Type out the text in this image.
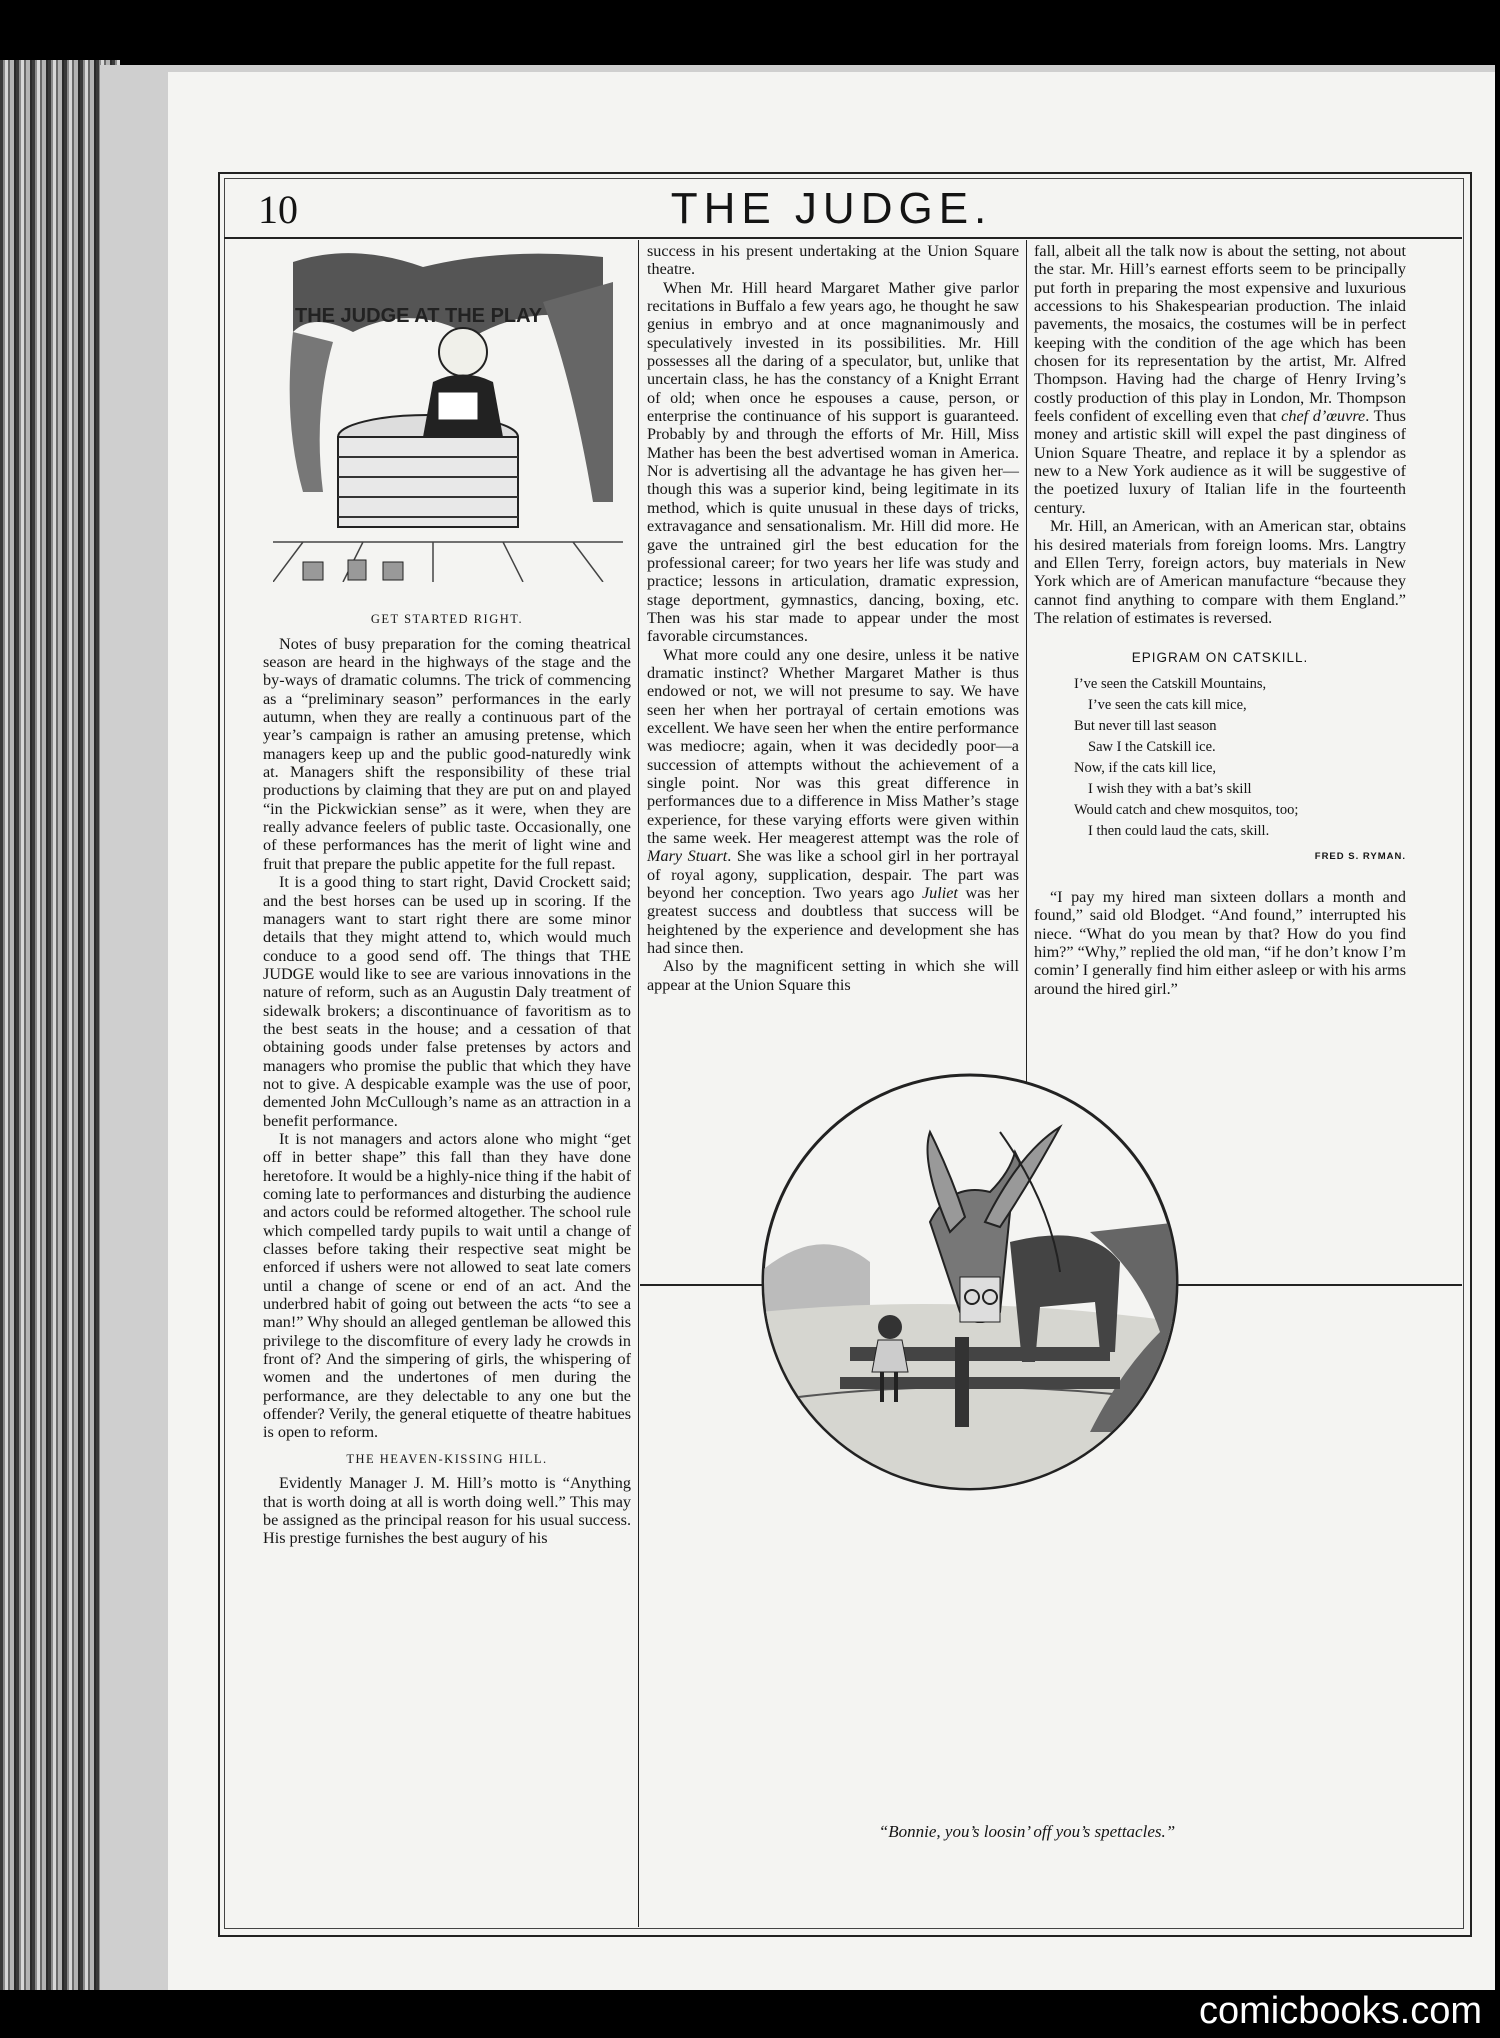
10	THE JUDGE.
THE JUDGE AT THE PLAY
GET STARTED RIGHT.

Notes of busy preparation for the coming theatrical season are heard in the highways of the stage and the by-ways of dramatic columns. The trick of commencing as a “preliminary season” performances in the early autumn, when they are really a continuous part of the year’s campaign is rather an amusing pretense, which managers keep up and the public good-naturedly wink at. Managers shift the responsibility of these trial productions by claiming that they are put on and played “in the Pickwickian sense” as it were, when they are really advance feelers of public taste. Occasionally, one of these performances has the merit of light wine and fruit that prepare the public appetite for the full repast.

It is a good thing to start right, David Crockett said; and the best horses can be used up in scoring. If the managers want to start right there are some minor details that they might attend to, which would much conduce to a good send off. The things that THE JUDGE would like to see are various innovations in the nature of reform, such as an Augustin Daly treatment of sidewalk brokers; a discontinuance of favoritism as to the best seats in the house; and a cessation of that obtaining goods under false pretenses by actors and managers who promise the public that which they have not to give. A despicable example was the use of poor, demented John McCullough’s name as an attraction in a benefit performance.

It is not managers and actors alone who might “get off in better shape” this fall than they have done heretofore. It would be a highly-nice thing if the habit of coming late to performances and disturbing the audience and actors could be reformed altogether. The school rule which compelled tardy pupils to wait until a change of classes before taking their respective seat might be enforced if ushers were not allowed to seat late comers until a change of scene or end of an act. And the underbred habit of going out between the acts “to see a man!” Why should an alleged gentleman be allowed this privilege to the discomfiture of every lady he crowds in front of? And the simpering of girls, the whispering of women and the undertones of men during the performance, are they delectable to any one but the offender? Verily, the general etiquette of theatre habitues is open to reform.

THE HEAVEN-KISSING HILL.

Evidently Manager J. M. Hill’s motto is “Anything that is worth doing at all is worth doing well.” This may be assigned as the principal reason for his usual success. His prestige furnishes the best augury of his

success in his present undertaking at the Union Square theatre.

When Mr. Hill heard Margaret Mather give parlor recitations in Buffalo a few years ago, he thought he saw genius in embryo and at once magnanimously and speculatively invested in its possibilities. Mr. Hill possesses all the daring of a speculator, but, unlike that uncertain class, he has the constancy of a Knight Errant of old; when once he espouses a cause, person, or enterprise the continuance of his support is guaranteed. Probably by and through the efforts of Mr. Hill, Miss Mather has been the best advertised woman in America. Nor is advertising all the advantage he has given her—though this was a superior kind, being legitimate in its method, which is quite unusual in these days of tricks, extravagance and sensationalism. Mr. Hill did more. He gave the untrained girl the best education for the professional career; for two years her life was study and practice; lessons in articulation, dramatic expression, stage deportment, gymnastics, dancing, boxing, etc. Then was his star made to appear under the most favorable circumstances.

What more could any one desire, unless it be native dramatic instinct? Whether Margaret Mather is thus endowed or not, we will not presume to say. We have seen her when her portrayal of certain emotions was excellent. We have seen her when the entire performance was mediocre; again, when it was decidedly poor—a succession of attempts without the achievement of a single point. Nor was this great difference in performances due to a difference in Miss Mather’s stage experience, for these varying efforts were given within the same week. Her meagerest attempt was the role of Mary Stuart. She was like a school girl in her portrayal of royal agony, supplication, despair. The part was beyond her conception. Two years ago Juliet was her greatest success and doubtless that success will be heightened by the experience and development she has had since then.

Also by the magnificent setting in which she will appear at the Union Square this

fall, albeit all the talk now is about the setting, not about the star. Mr. Hill’s earnest efforts seem to be principally put forth in preparing the most expensive and luxurious accessions to his Shakespearian production. The inlaid pavements, the mosaics, the costumes will be in perfect keeping with the condition of the age which has been chosen for its representation by the artist, Mr. Alfred Thompson. Having had the charge of Henry Irving’s costly production of this play in London, Mr. Thompson feels confident of excelling even that chef d’œuvre. Thus money and artistic skill will expel the past dinginess of Union Square Theatre, and replace it by a splendor as new to a New York audience as it will be suggestive of the poetized luxury of Italian life in the fourteenth century.

Mr. Hill, an American, with an American star, obtains his desired materials from foreign looms. Mrs. Langtry and Ellen Terry, foreign actors, buy materials in New York which are of American manufacture “because they cannot find anything to compare with them England.” The relation of estimates is reversed.

EPIGRAM ON CATSKILL.
I’ve seen the Catskill Mountains,
I’ve seen the cats kill mice,
But never till last season
Saw I the Catskill ice.
Now, if the cats kill lice,
I wish they with a bat’s skill
Would catch and chew mosquitos, too;
I then could laud the cats, skill.
FRED S. RYMAN.

“I pay my hired man sixteen dollars a month and found,” said old Blodget. “And found,” interrupted his niece. “What do you mean by that? How do you find him?” “Why,” replied the old man, “if he don’t know I’m comin’ I generally find him either asleep or with his arms around the hired girl.”

“Bonnie, you’s loosin’ off you’s spettacles.”
comicbooks.com
